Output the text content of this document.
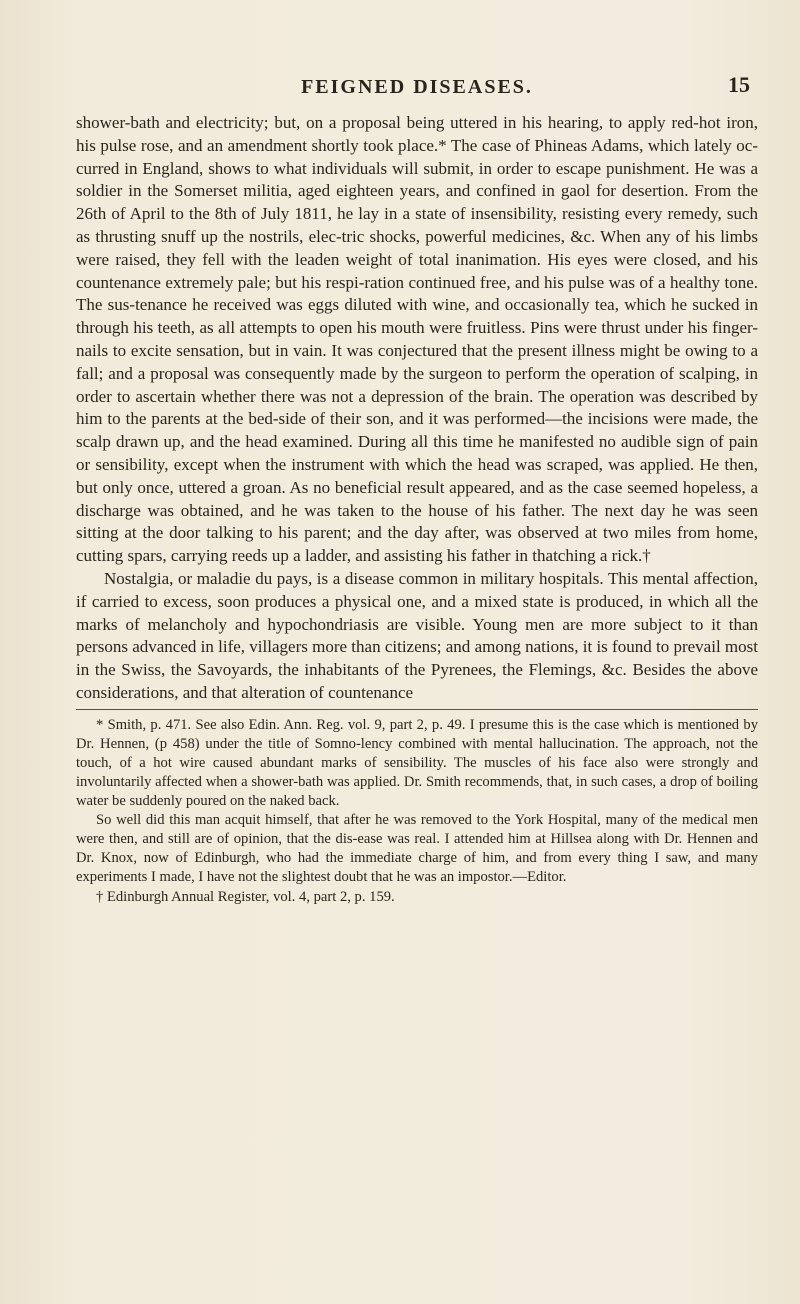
FEIGNED DISEASES.	15

shower-bath and electricity; but, on a proposal being uttered in his hearing, to apply red-hot iron, his pulse rose, and an amendment shortly took place.* The case of Phineas Adams, which lately oc-curred in England, shows to what individuals will submit, in order to escape punishment. He was a soldier in the Somerset militia, aged eighteen years, and confined in gaol for desertion. From the 26th of April to the 8th of July 1811, he lay in a state of insensibility, resisting every remedy, such as thrusting snuff up the nostrils, elec-tric shocks, powerful medicines, &c. When any of his limbs were raised, they fell with the leaden weight of total inanimation. His eyes were closed, and his countenance extremely pale; but his respi-ration continued free, and his pulse was of a healthy tone. The sus-tenance he received was eggs diluted with wine, and occasionally tea, which he sucked in through his teeth, as all attempts to open his mouth were fruitless. Pins were thrust under his finger-nails to excite sensation, but in vain. It was conjectured that the present illness might be owing to a fall; and a proposal was consequently made by the surgeon to perform the operation of scalping, in order to ascertain whether there was not a depression of the brain. The operation was described by him to the parents at the bed-side of their son, and it was performed—the incisions were made, the scalp drawn up, and the head examined. During all this time he manifested no audible sign of pain or sensibility, except when the instrument with which the head was scraped, was applied. He then, but only once, uttered a groan. As no beneficial result appeared, and as the case seemed hopeless, a discharge was obtained, and he was taken to the house of his father. The next day he was seen sitting at the door talking to his parent; and the day after, was observed at two miles from home, cutting spars, carrying reeds up a ladder, and assisting his father in thatching a rick.†

Nostalgia, or maladie du pays, is a disease common in military hospitals. This mental affection, if carried to excess, soon produces a physical one, and a mixed state is produced, in which all the marks of melancholy and hypochondriasis are visible. Young men are more subject to it than persons advanced in life, villagers more than citizens; and among nations, it is found to prevail most in the Swiss, the Savoyards, the inhabitants of the Pyrenees, the Flemings, &c. Besides the above considerations, and that alteration of countenance

* Smith, p. 471. See also Edin. Ann. Reg. vol. 9, part 2, p. 49. I presume this is the case which is mentioned by Dr. Hennen, (p 458) under the title of Somno-lency combined with mental hallucination. The approach, not the touch, of a hot wire caused abundant marks of sensibility. The muscles of his face also were strongly and involuntarily affected when a shower-bath was applied. Dr. Smith recommends, that, in such cases, a drop of boiling water be suddenly poured on the naked back.

So well did this man acquit himself, that after he was removed to the York Hospital, many of the medical men were then, and still are of opinion, that the dis-ease was real. I attended him at Hillsea along with Dr. Hennen and Dr. Knox, now of Edinburgh, who had the immediate charge of him, and from every thing I saw, and many experiments I made, I have not the slightest doubt that he was an impostor.—Editor.

† Edinburgh Annual Register, vol. 4, part 2, p. 159.
